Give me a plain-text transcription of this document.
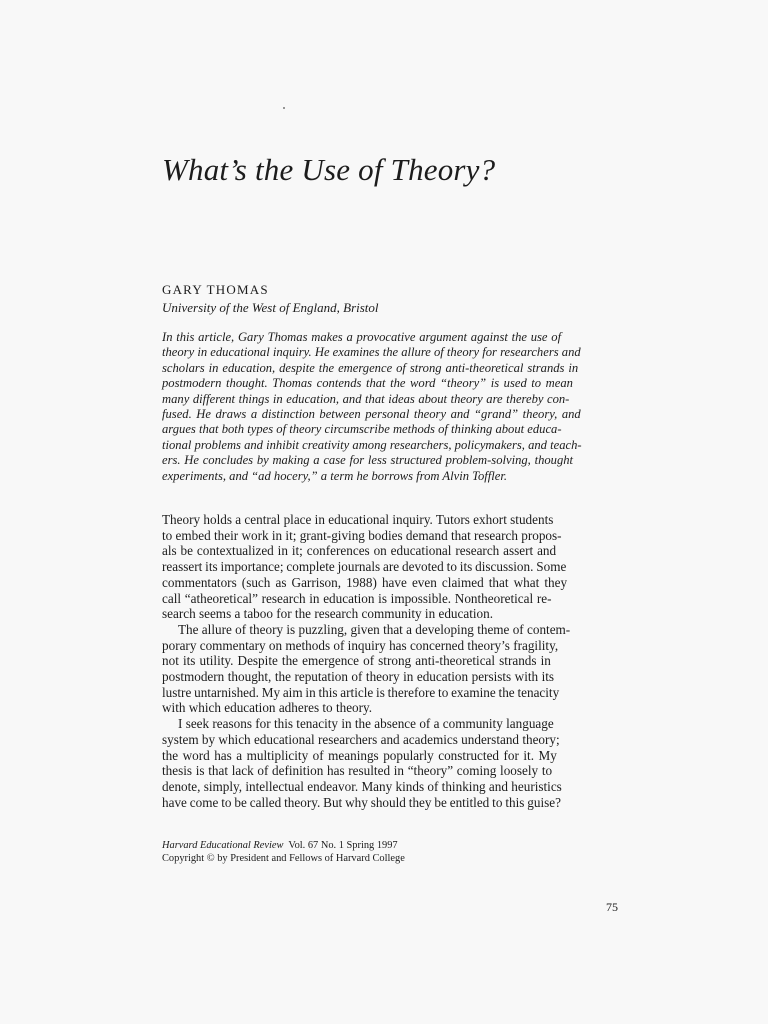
What’s the Use of Theory?
GARY THOMAS
University of the West of England, Bristol
In this article, Gary Thomas makes a provocative argument against the use of
theory in educational inquiry. He examines the allure of theory for researchers and
scholars in education, despite the emergence of strong anti-theoretical strands in
postmodern thought. Thomas contends that the word “theory” is used to mean
many different things in education, and that ideas about theory are thereby con-
fused. He draws a distinction between personal theory and “grand” theory, and
argues that both types of theory circumscribe methods of thinking about educa-
tional problems and inhibit creativity among researchers, policymakers, and teach-
ers. He concludes by making a case for less structured problem-solving, thought
experiments, and “ad hocery,” a term he borrows from Alvin Toffler.
Theory holds a central place in educational inquiry. Tutors exhort students
to embed their work in it; grant-giving bodies demand that research propos-
als be contextualized in it; conferences on educational research assert and
reassert its importance; complete journals are devoted to its discussion. Some
commentators (such as Garrison, 1988) have even claimed that what they
call “atheoretical” research in education is impossible. Nontheoretical re-
search seems a taboo for the research community in education.
The allure of theory is puzzling, given that a developing theme of contem-
porary commentary on methods of inquiry has concerned theory’s fragility,
not its utility. Despite the emergence of strong anti-theoretical strands in
postmodern thought, the reputation of theory in education persists with its
lustre untarnished. My aim in this article is therefore to examine the tenacity
with which education adheres to theory.
I seek reasons for this tenacity in the absence of a community language
system by which educational researchers and academics understand theory;
the word has a multiplicity of meanings popularly constructed for it. My
thesis is that lack of definition has resulted in “theory” coming loosely to
denote, simply, intellectual endeavor. Many kinds of thinking and heuristics
have come to be called theory. But why should they be entitled to this guise?
Harvard Educational Review Vol. 67 No. 1 Spring 1997
Copyright © by President and Fellows of Harvard College
75
